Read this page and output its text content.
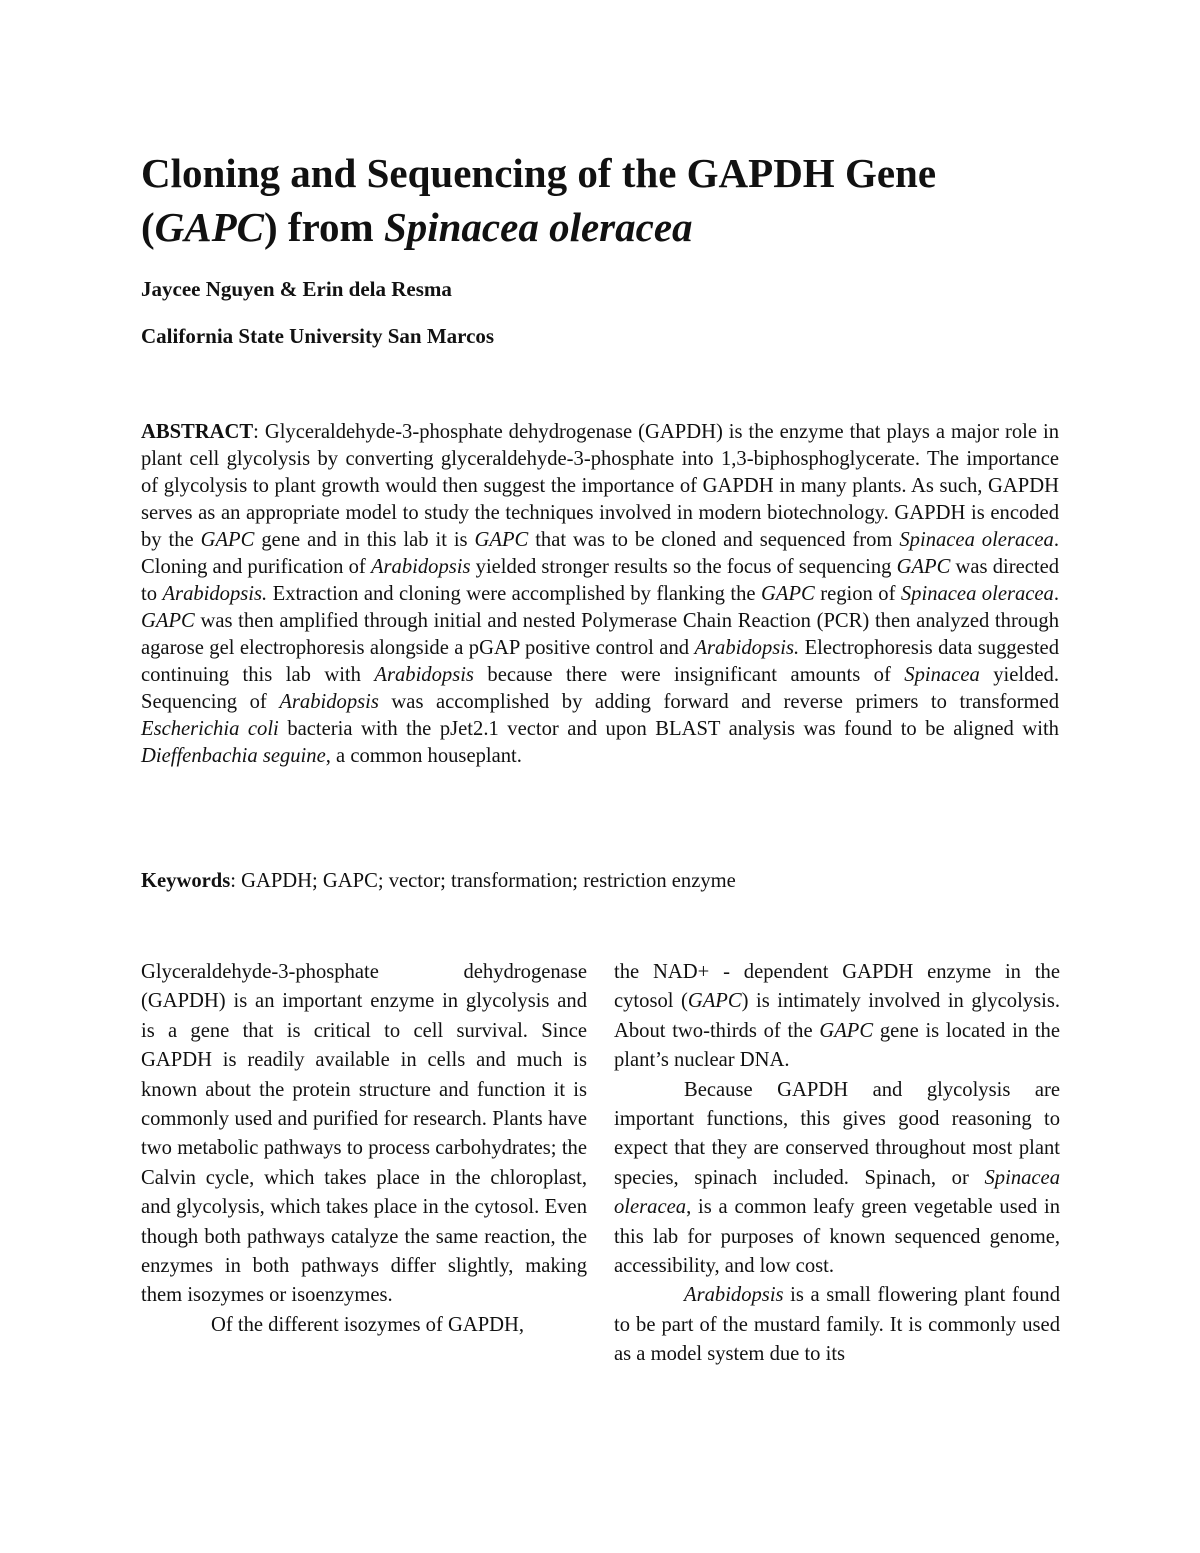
Cloning and Sequencing of the GAPDH Gene
(GAPC) from Spinacea oleracea

Jaycee Nguyen & Erin dela Resma

California State University San Marcos

ABSTRACT: Glyceraldehyde-3-phosphate dehydrogenase (GAPDH) is the enzyme that plays a major role in plant cell glycolysis by converting glyceraldehyde-3-phosphate into 1,3-biphosphoglycerate. The importance of glycolysis to plant growth would then suggest the importance of GAPDH in many plants. As such, GAPDH serves as an appropriate model to study the techniques involved in modern biotechnology. GAPDH is encoded by the GAPC gene and in this lab it is GAPC that was to be cloned and sequenced from Spinacea oleracea. Cloning and purification of Arabidopsis yielded stronger results so the focus of sequencing GAPC was directed to Arabidopsis. Extraction and cloning were accomplished by flanking the GAPC region of Spinacea oleracea. GAPC was then amplified through initial and nested Polymerase Chain Reaction (PCR) then analyzed through agarose gel electrophoresis alongside a pGAP positive control and Arabidopsis. Electrophoresis data suggested continuing this lab with Arabidopsis because there were insignificant amounts of Spinacea yielded. Sequencing of Arabidopsis was accomplished by adding forward and reverse primers to transformed Escherichia coli bacteria with the pJet2.1 vector and upon BLAST analysis was found to be aligned with Dieffenbachia seguine, a common houseplant.

Keywords: GAPDH; GAPC; vector; transformation; restriction enzyme

Glyceraldehyde-3-phosphate dehydrogenase (GAPDH) is an important enzyme in glycolysis and is a gene that is critical to cell survival. Since GAPDH is readily available in cells and much is known about the protein structure and function it is commonly used and purified for research. Plants have two metabolic pathways to process carbohydrates; the Calvin cycle, which takes place in the chloroplast, and glycolysis, which takes place in the cytosol. Even though both pathways catalyze the same reaction, the enzymes in both pathways differ slightly, making them isozymes or isoenzymes.

Of the different isozymes of GAPDH,

the NAD+ - dependent GAPDH enzyme in the cytosol (GAPC) is intimately involved in glycolysis. About two-thirds of the GAPC gene is located in the plant’s nuclear DNA.

Because GAPDH and glycolysis are important functions, this gives good reasoning to expect that they are conserved throughout most plant species, spinach included. Spinach, or Spinacea oleracea, is a common leafy green vegetable used in this lab for purposes of known sequenced genome, accessibility, and low cost.

Arabidopsis is a small flowering plant found to be part of the mustard family. It is commonly used as a model system due to its
